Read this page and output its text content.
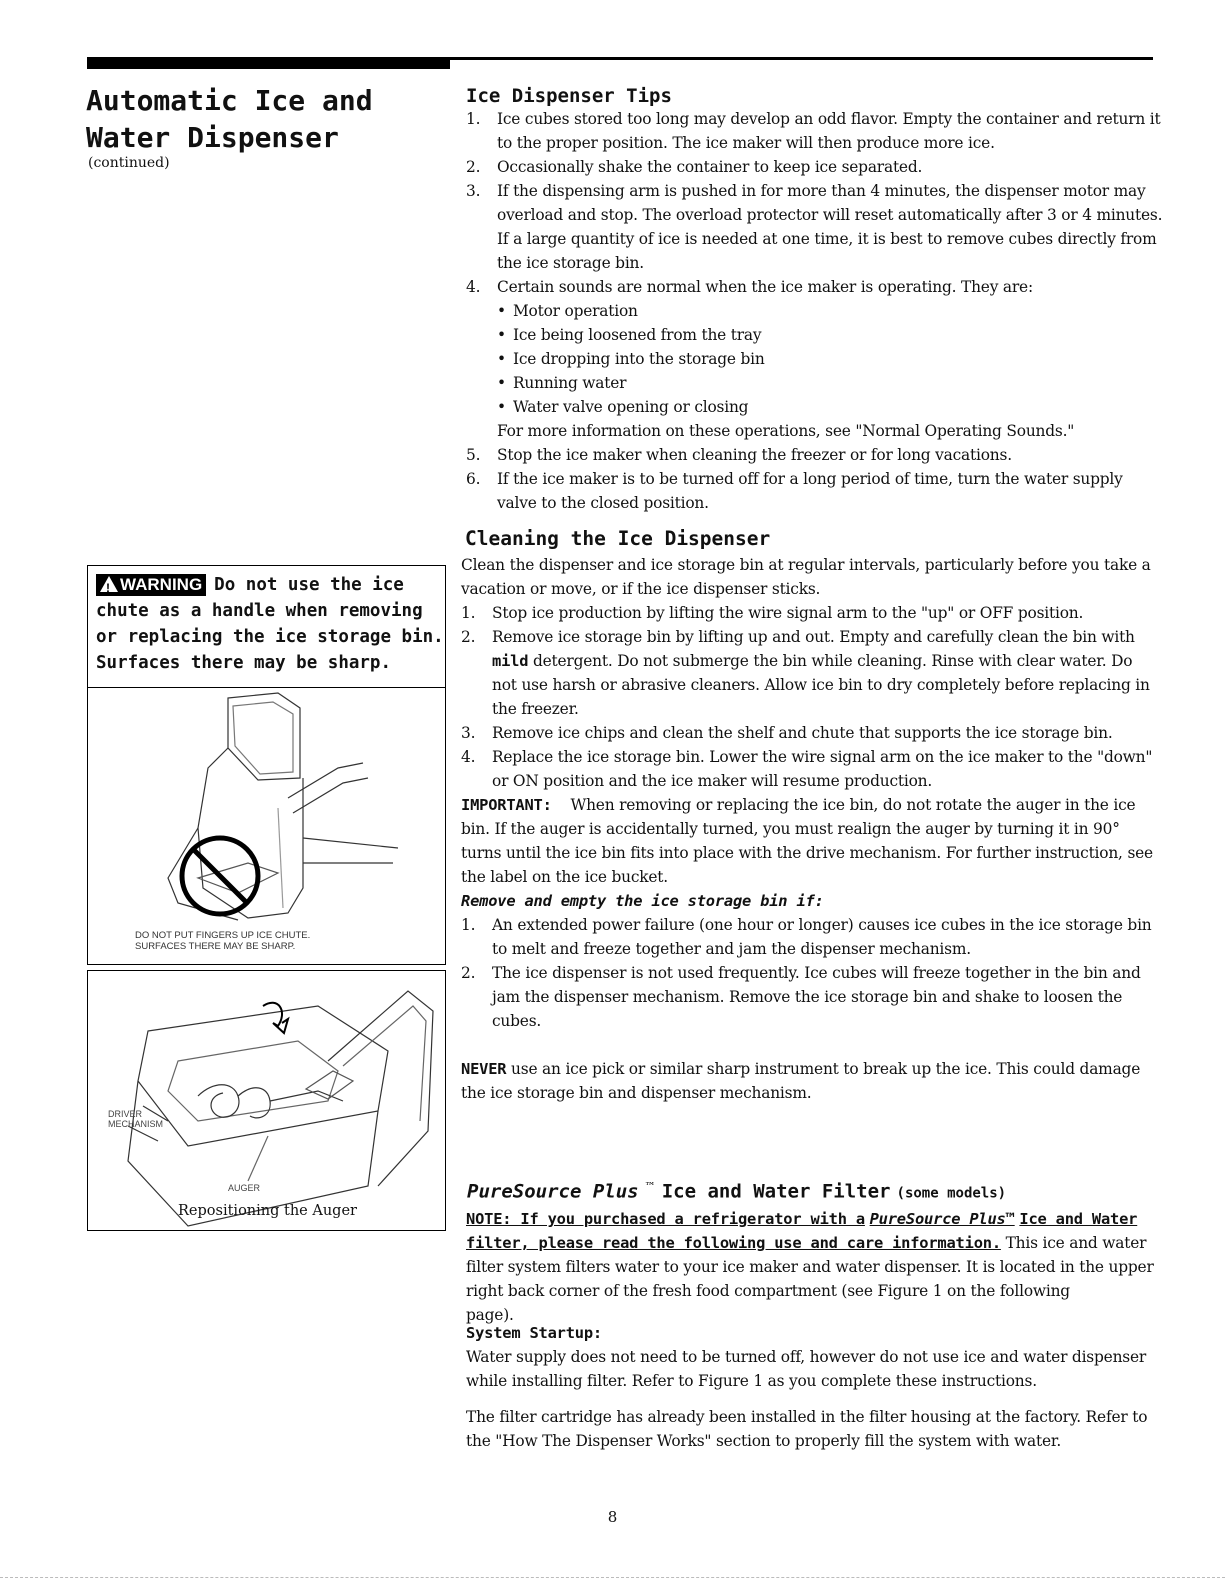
Automatic Ice and Water Dispenser
(continued)
!WARNING Do not use the ice chute as a handle when removing or replacing the ice storage bin. Surfaces there may be sharp.
DO NOT PUT FINGERS UP ICE CHUTE.
SURFACES THERE MAY BE SHARP.
DRIVER
MECHANISM
AUGER
Repositioning the Auger
Ice Dispenser Tips
1. Ice cubes stored too long may develop an odd flavor. Empty the container and return it to the proper position. The ice maker will then produce more ice.
2. Occasionally shake the container to keep ice separated.
3. If the dispensing arm is pushed in for more than 4 minutes, the dispenser motor may overload and stop. The overload protector will reset automatically after 3 or 4 minutes. If a large quantity of ice is needed at one time, it is best to remove cubes directly from the ice storage bin.
4. Certain sounds are normal when the ice maker is operating. They are:
• Motor operation
• Ice being loosened from the tray
• Ice dropping into the storage bin
• Running water
• Water valve opening or closing
For more information on these operations, see "Normal Operating Sounds."
5. Stop the ice maker when cleaning the freezer or for long vacations.
6. If the ice maker is to be turned off for a long period of time, turn the water supply valve to the closed position.
Cleaning the Ice Dispenser
Clean the dispenser and ice storage bin at regular intervals, particularly before you take a vacation or move, or if the ice dispenser sticks.
1. Stop ice production by lifting the wire signal arm to the "up" or OFF position.
2. Remove ice storage bin by lifting up and out. Empty and carefully clean the bin with mild detergent. Do not submerge the bin while cleaning. Rinse with clear water. Do not use harsh or abrasive cleaners. Allow ice bin to dry completely before replacing in the freezer.
3. Remove ice chips and clean the shelf and chute that supports the ice storage bin.
4. Replace the ice storage bin. Lower the wire signal arm on the ice maker to the "down" or ON position and the ice maker will resume production.
IMPORTANT: When removing or replacing the ice bin, do not rotate the auger in the ice bin. If the auger is accidentally turned, you must realign the auger by turning it in 90° turns until the ice bin fits into place with the drive mechanism. For further instruction, see the label on the ice bucket.
Remove and empty the ice storage bin if:
1. An extended power failure (one hour or longer) causes ice cubes in the ice storage bin to melt and freeze together and jam the dispenser mechanism.
2. The ice dispenser is not used frequently. Ice cubes will freeze together in the bin and jam the dispenser mechanism. Remove the ice storage bin and shake to loosen the cubes.
NEVER use an ice pick or similar sharp instrument to break up the ice. This could damage the ice storage bin and dispenser mechanism.
PureSource Plus ™ Ice and Water Filter (some models)
NOTE: If you purchased a refrigerator with a PureSource Plus™ Ice and Water filter, please read the following use and care information. This ice and water filter system filters water to your ice maker and water dispenser. It is located in the upper right back corner of the fresh food compartment (see Figure 1 on the following
page).
System Startup:
Water supply does not need to be turned off, however do not use ice and water dispenser while installing filter. Refer to Figure 1 as you complete these instructions.
The filter cartridge has already been installed in the filter housing at the factory. Refer to the "How The Dispenser Works" section to properly fill the system with water.
8
